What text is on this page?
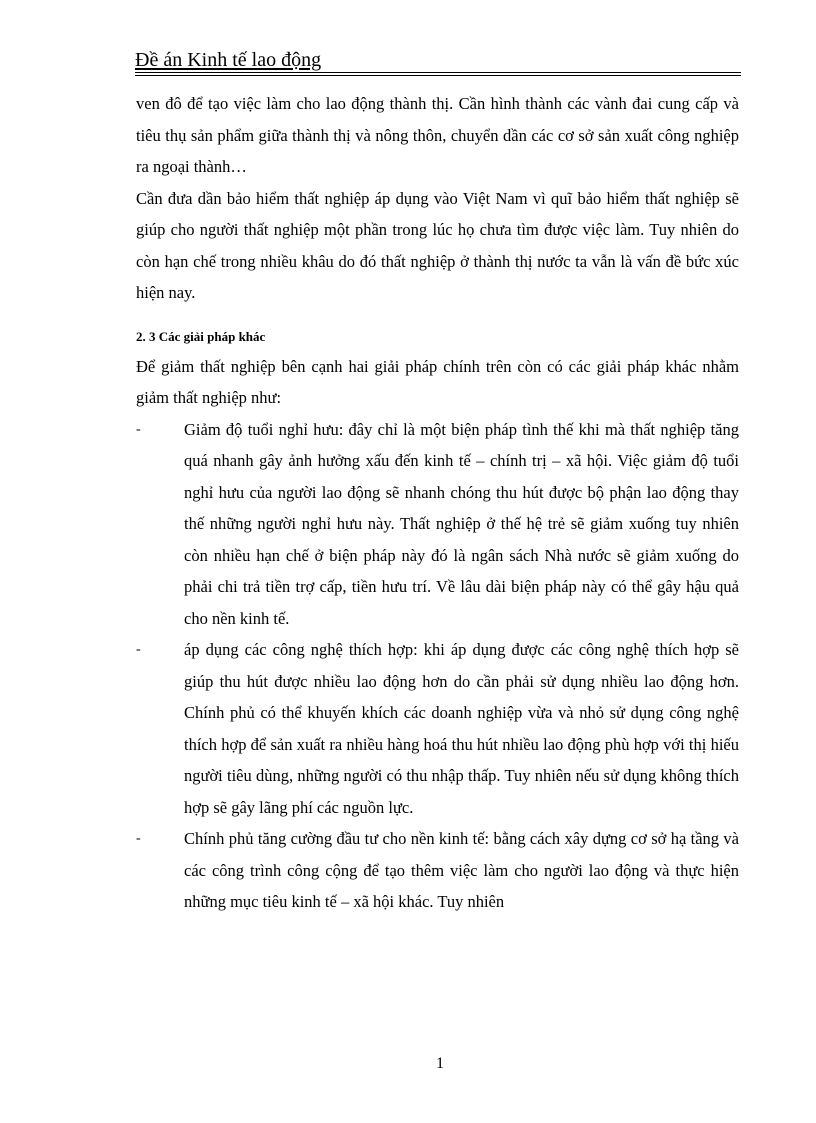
Đề án Kinh tế lao động

ven đô để tạo việc làm cho lao động thành thị. Cần hình thành các vành đai cung cấp và tiêu thụ sản phẩm giữa thành thị và nông thôn, chuyển dần các cơ sở sản xuất công nghiệp ra ngoại thành…

Cần đưa dần bảo hiểm thất nghiệp áp dụng vào Việt Nam vì quĩ bảo hiểm thất nghiệp sẽ giúp cho người thất nghiệp một phần trong lúc họ chưa tìm được việc làm. Tuy nhiên do còn hạn chế trong nhiều khâu do đó thất nghiệp ở thành thị nước ta vẫn là vấn đề bức xúc hiện nay.

2. 3 Các giải pháp khác

Để giảm thất nghiệp bên cạnh hai giải pháp chính trên còn có các giải pháp khác nhằm giảm thất nghiệp như:

-	Giảm độ tuổi nghỉ hưu: đây chỉ là một biện pháp tình thế khi mà thất nghiệp tăng quá nhanh gây ảnh hưởng xấu đến kinh tế – chính trị – xã hội. Việc giảm độ tuổi nghỉ hưu của người lao động sẽ nhanh chóng thu hút được bộ phận lao động thay thế những người nghỉ hưu này. Thất nghiệp ở thế hệ trẻ sẽ giảm xuống tuy nhiên còn nhiều hạn chế ở biện pháp này đó là ngân sách Nhà nước sẽ giảm xuống do phải chi trả tiền trợ cấp, tiền hưu trí. Về lâu dài biện pháp này có thể gây hậu quả cho nền kinh tế.
-	áp dụng các công nghệ thích hợp: khi áp dụng được các công nghệ thích hợp sẽ giúp thu hút được nhiều lao động hơn do cần phải sử dụng nhiều lao động hơn. Chính phủ có thể khuyến khích các doanh nghiệp vừa và nhỏ sử dụng công nghệ thích hợp để sản xuất ra nhiều hàng hoá thu hút nhiều lao động phù hợp với thị hiếu người tiêu dùng, những người có thu nhập thấp. Tuy nhiên nếu sử dụng không thích hợp sẽ gây lãng phí các nguồn lực.
-	Chính phủ tăng cường đầu tư cho nền kinh tế: bằng cách xây dựng cơ sở hạ tầng và các công trình công cộng để tạo thêm việc làm cho người lao động và thực hiện những mục tiêu kinh tế – xã hội khác. Tuy nhiên
1
